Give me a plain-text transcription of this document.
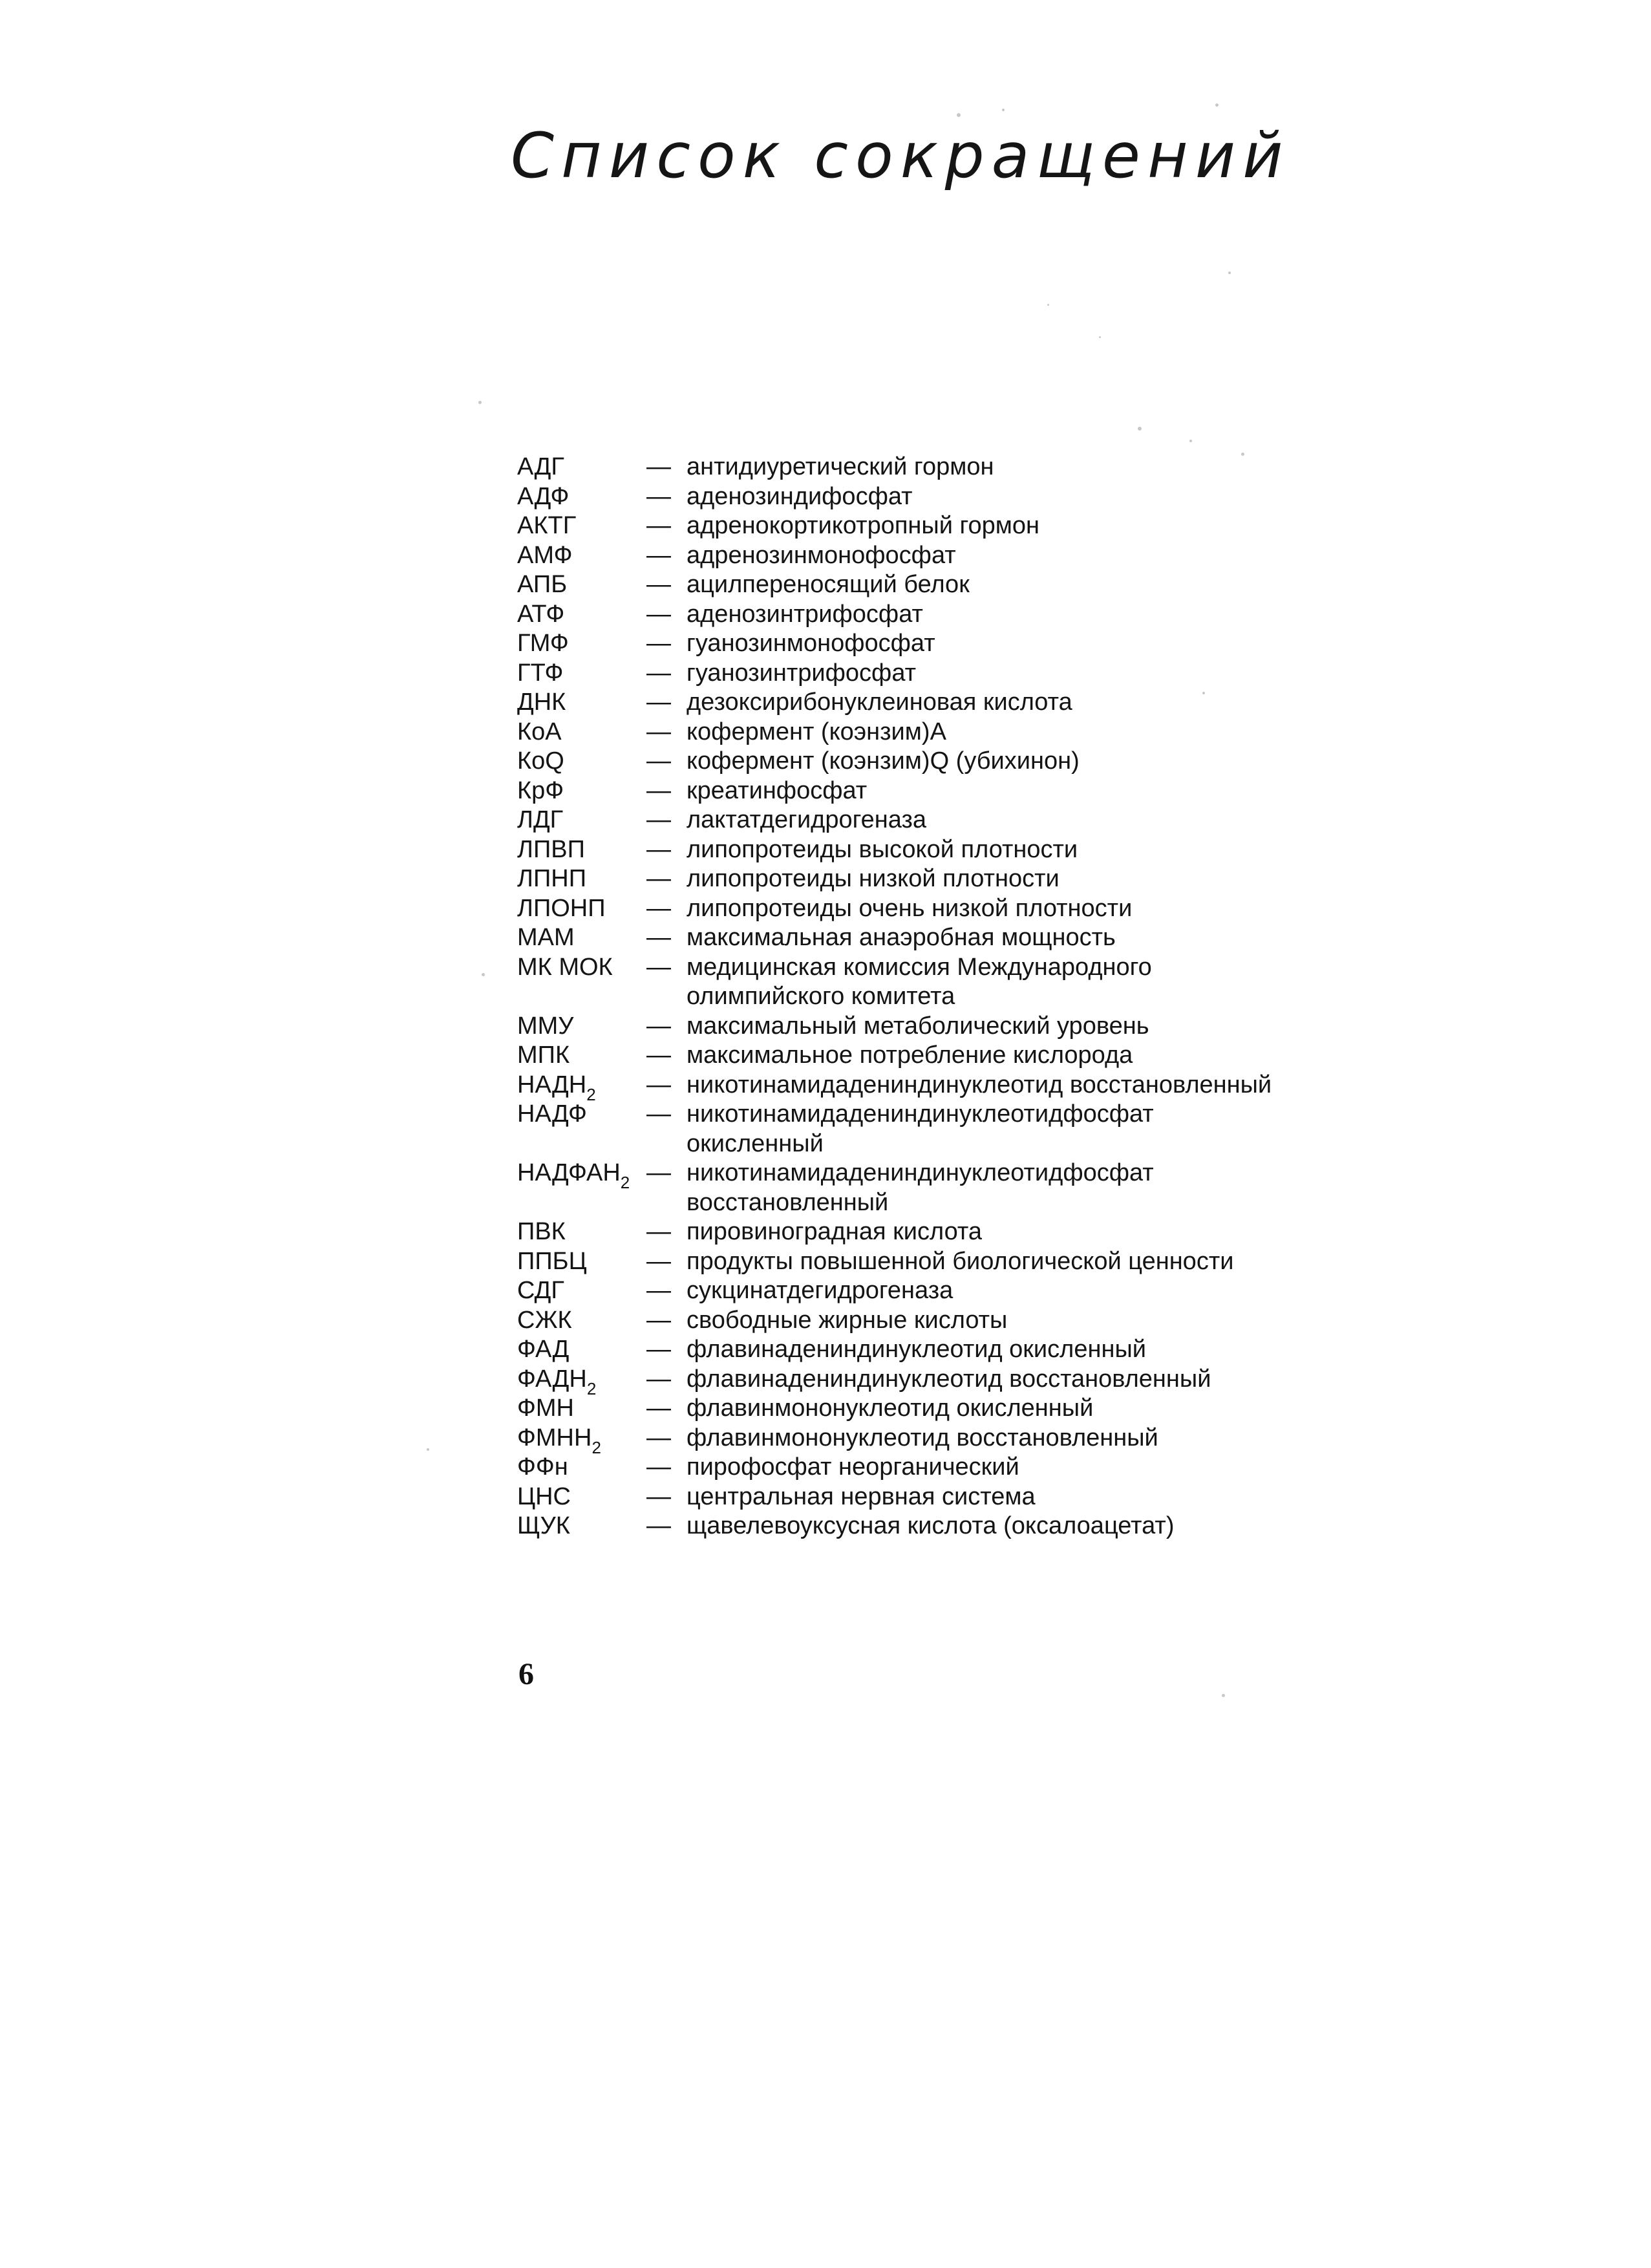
Список сокращений
АДГ	— антидиуретический гормон
АДФ	— аденозиндифосфат
АКТГ	— адренокортикотропный гормон
АМФ	— адренозинмонофосфат
АПБ	— ацилпереносящий белок
АТФ	— аденозинтрифосфат
ГМФ	— гуанозинмонофосфат
ГТФ	— гуанозинтрифосфат
ДНК	— дезоксирибонуклеиновая кислота
КоА	— кофермент (коэнзим)А
КоQ	— кофермент (коэнзим)Q (убихинон)
КрФ	— креатинфосфат
ЛДГ	— лактатдегидрогеназа
ЛПВП	— липопротеиды высокой плотности
ЛПНП	— липопротеиды низкой плотности
ЛПОНП	— липопротеиды очень низкой плотности
МАМ	— максимальная анаэробная мощность
МК МОК	— медицинская комиссия Международного олимпийского комитета
ММУ	— максимальный метаболический уровень
МПК	— максимальное потребление кислорода
$НАДН_2$	— никотинамидадениндинуклеотид восстановленный
НАДФ	— никотинамидадениндинуклеотидфосфат окисленный
$НАДФАН_2$ — никотинамидадениндинуклеотидфосфат восстановленный
ПВК	— пировиноградная кислота
ППБЦ	— продукты повышенной биологической ценности
СДГ	— сукцинатдегидрогеназа
СЖК	— свободные жирные кислоты
ФАД	— флавинадениндинуклеотид окисленный
$ФАДН_2$	— флавинадениндинуклеотид восстановленный
ФМН	— флавинмононуклеотид окисленный
$ФМНН_2$	— флавинмононуклеотид восстановленный
ФФн	— пирофосфат неорганический
ЦНС	— центральная нервная система
ЩУК	— щавелевоуксусная кислота (оксалоацетат)
6
